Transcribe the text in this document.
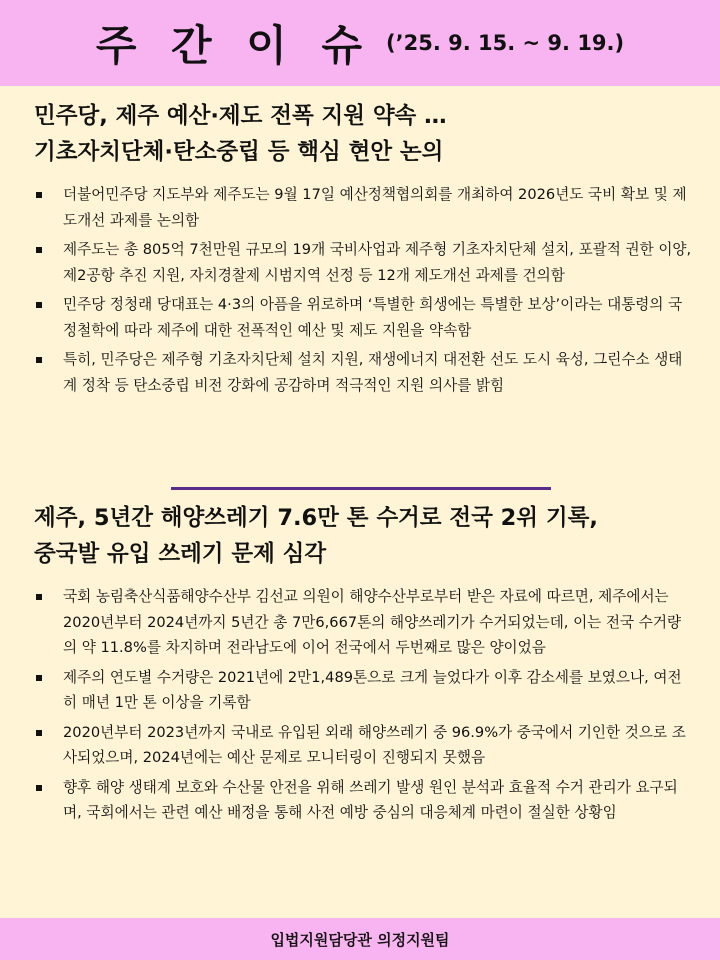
주 간 이 슈 (’25. 9. 15. ~ 9. 19.)
민주당, 제주 예산·제도 전폭 지원 약속 …
기초자치단체·탄소중립 등 핵심 현안 논의
더불어민주당 지도부와 제주도는 9월 17일 예산정책협의회를 개최하여 2026년도 국비 확보 및 제도개선 과제를 논의함
제주도는 총 805억 7천만원 규모의 19개 국비사업과 제주형 기초자치단체 설치, 포괄적 권한 이양, 제2공항 추진 지원, 자치경찰제 시범지역 선정 등 12개 제도개선 과제를 건의함
민주당 정청래 당대표는 4·3의 아픔을 위로하며 ‘특별한 희생에는 특별한 보상’이라는 대통령의 국정철학에 따라 제주에 대한 전폭적인 예산 및 제도 지원을 약속함
특히, 민주당은 제주형 기초자치단체 설치 지원, 재생에너지 대전환 선도 도시 육성, 그린수소 생태계 정착 등 탄소중립 비전 강화에 공감하며 적극적인 지원 의사를 밝힘
제주, 5년간 해양쓰레기 7.6만 톤 수거로 전국 2위 기록,
중국발 유입 쓰레기 문제 심각
국회 농림축산식품해양수산부 김선교 의원이 해양수산부로부터 받은 자료에 따르면, 제주에서는 2020년부터 2024년까지 5년간 총 7만6,667톤의 해양쓰레기가 수거되었는데, 이는 전국 수거량의 약 11.8%를 차지하며 전라남도에 이어 전국에서 두번째로 많은 양이었음
제주의 연도별 수거량은 2021년에 2만1,489톤으로 크게 늘었다가 이후 감소세를 보였으나, 여전히 매년 1만 톤 이상을 기록함
2020년부터 2023년까지 국내로 유입된 외래 해양쓰레기 중 96.9%가 중국에서 기인한 것으로 조사되었으며, 2024년에는 예산 문제로 모니터링이 진행되지 못했음
향후 해양 생태계 보호와 수산물 안전을 위해 쓰레기 발생 원인 분석과 효율적 수거 관리가 요구되며, 국회에서는 관련 예산 배정을 통해 사전 예방 중심의 대응체계 마련이 절실한 상황임
입법지원담당관 의정지원팀
